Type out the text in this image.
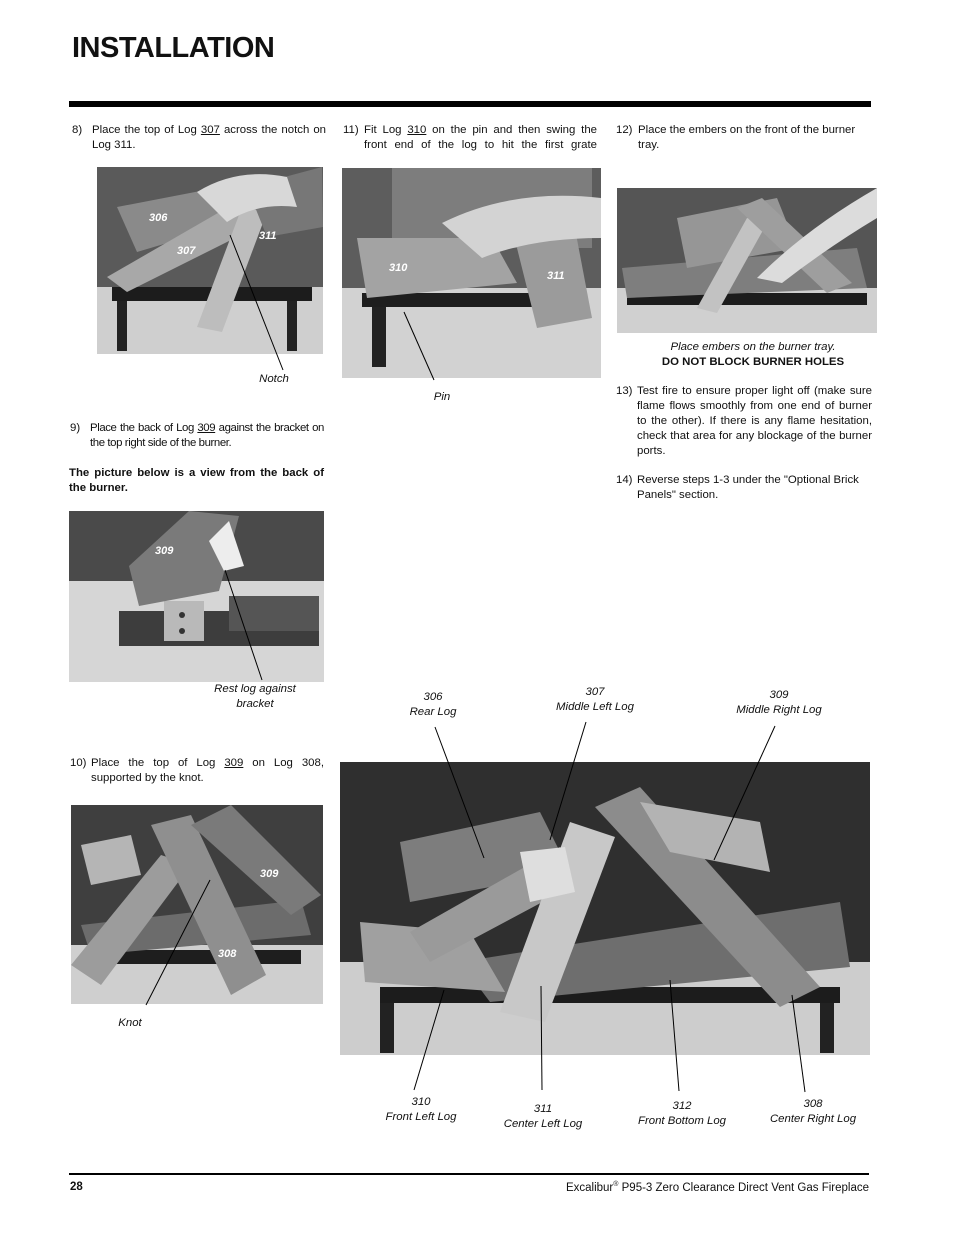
INSTALLATION
8) Place the top of Log 307 across the notch on Log 311.
306
307
311
Notch
9) Place the back of Log 309 against the bracket on the top right side of the burner.
The picture below is a view from the back of the burner.
309
Rest log against bracket
10) Place the top of Log 309 on Log 308, supported by the knot.
309
308
Knot
11) Fit Log 310 on the pin and then swing the front end of the log to hit the first grate
310
311
Pin
12) Place the embers on the front of the burner tray.
Place embers on the burner tray.
DO NOT BLOCK BURNER HOLES
13) Test fire to ensure proper light off (make sure flame flows smoothly from one end of burner to the other). If there is any flame hesitation, check that area for any blockage of the burner ports.
14) Reverse steps 1-3 under the "Optional Brick Panels" section.
306
Rear Log
307
Middle Left Log
309
Middle Right Log
310
Front Left Log
311
Center Left Log
312
Front Bottom Log
308
Center Right Log
28	Excalibur® P95-3 Zero Clearance Direct Vent Gas Fireplace
